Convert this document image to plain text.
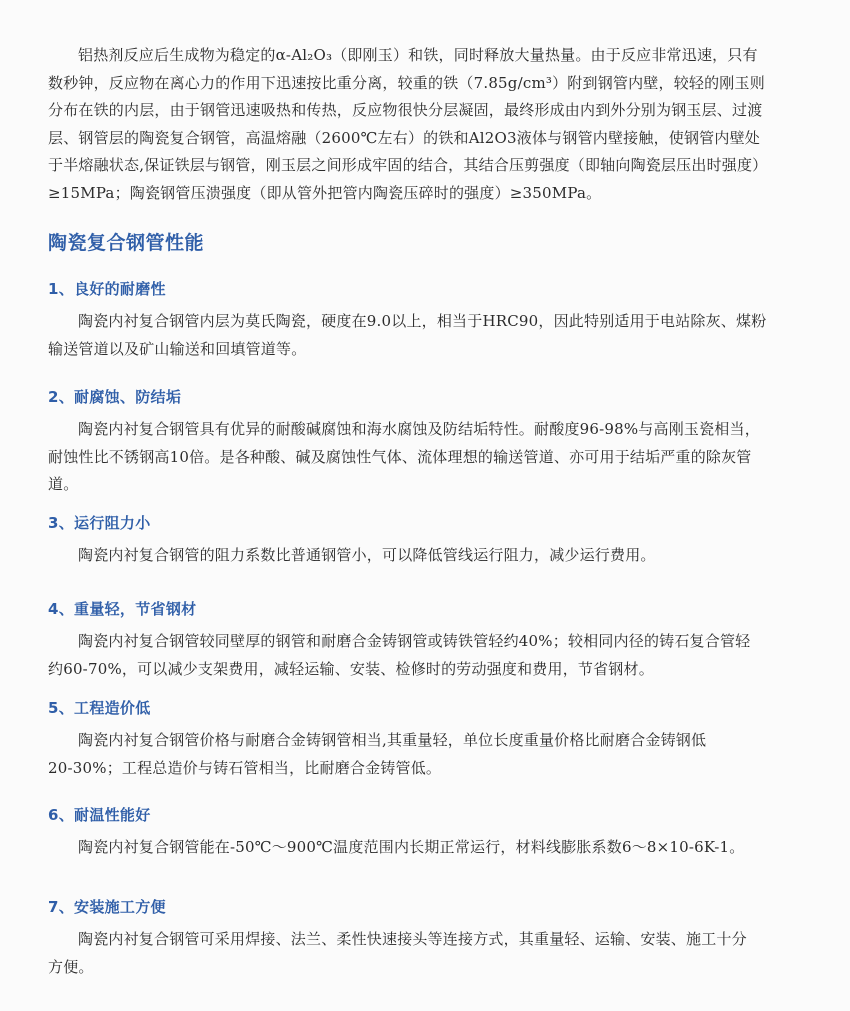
铝热剂反应后生成物为稳定的α-Al₂O₃（即刚玉）和铁，同时释放大量热量。由于反应非常迅速，只有
数秒钟，反应物在离心力的作用下迅速按比重分离，较重的铁（7.85g/cm³）附到钢管内壁，较轻的刚玉则
分布在铁的内层，由于钢管迅速吸热和传热，反应物很快分层凝固，最终形成由内到外分别为钢玉层、过渡
层、钢管层的陶瓷复合钢管，高温熔融（2600℃左右）的铁和Al2O3液体与钢管内壁接触，使钢管内壁处
于半熔融状态,保证铁层与钢管，刚玉层之间形成牢固的结合，其结合压剪强度（即轴向陶瓷层压出时强度）
≥15MPa；陶瓷钢管压溃强度（即从管外把管内陶瓷压碎时的强度）≥350MPa。

陶瓷复合钢管性能
1、良好的耐磨性

陶瓷内衬复合钢管内层为莫氏陶瓷，硬度在9.0以上，相当于HRC90，因此特别适用于电站除灰、煤粉
输送管道以及矿山输送和回填管道等。

2、耐腐蚀、防结垢

陶瓷内衬复合钢管具有优异的耐酸碱腐蚀和海水腐蚀及防结垢特性。耐酸度96-98%与高刚玉瓷相当，
耐蚀性比不锈钢高10倍。是各种酸、碱及腐蚀性气体、流体理想的输送管道、亦可用于结垢严重的除灰管
道。

3、运行阻力小

陶瓷内衬复合钢管的阻力系数比普通钢管小，可以降低管线运行阻力，减少运行费用。

4、重量轻，节省钢材

陶瓷内衬复合钢管较同壁厚的钢管和耐磨合金铸钢管或铸铁管轻约40%；较相同内径的铸石复合管轻
约60-70%，可以减少支架费用，减轻运输、安装、检修时的劳动强度和费用，节省钢材。

5、工程造价低

陶瓷内衬复合钢管价格与耐磨合金铸钢管相当,其重量轻，单位长度重量价格比耐磨合金铸钢低
20-30%；工程总造价与铸石管相当，比耐磨合金铸管低。

6、耐温性能好

陶瓷内衬复合钢管能在-50℃～900℃温度范围内长期正常运行，材料线膨胀系数6～8×10-6K-1。

7、安装施工方便

陶瓷内衬复合钢管可采用焊接、法兰、柔性快速接头等连接方式，其重量轻、运输、安装、施工十分
方便。
